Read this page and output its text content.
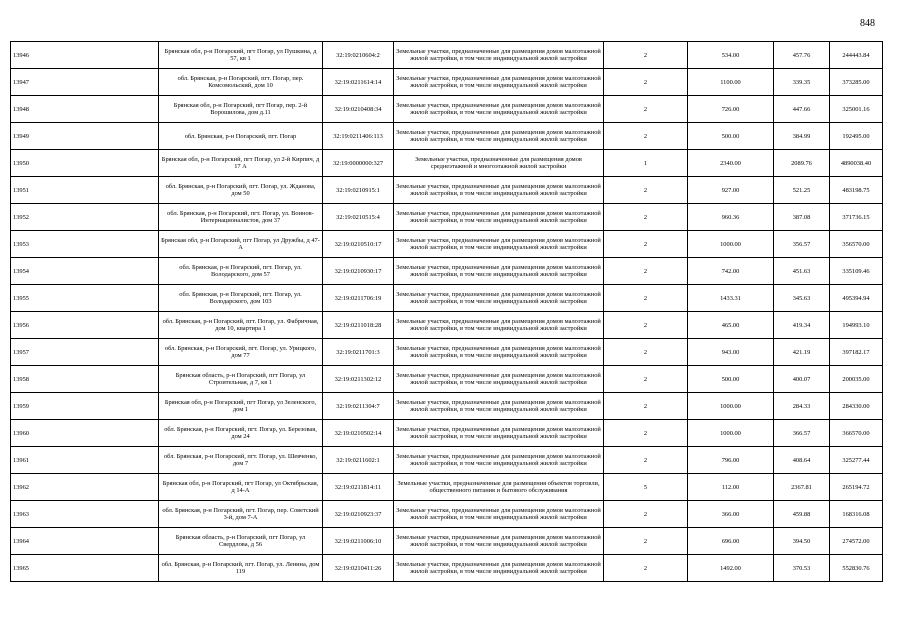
848
13946	Брянская обл, р-н Погарский, пгт Погар, ул Пушкина, д 57, кв 1	32:19:0210604:2	Земельные участки, предназначенные для размещения домов малоэтажной жилой застройки, в том числе индивидуальной жилой застройки	2	534.00	457.76	244443.84
13947	обл. Брянская, р-н Погарский, пгт. Погар, пер. Комсомольский, дом 10	32:19:0211614:14	Земельные участки, предназначенные для размещения домов малоэтажной жилой застройки, в том числе индивидуальной жилой застройки	2	1100.00	339.35	373285.00
13948	Брянская обл, р-н Погарский, пгт Погар, пер. 2-й Ворошилова, дом д.11	32:19:0210408:34	Земельные участки, предназначенные для размещения домов малоэтажной жилой застройки, в том числе индивидуальной жилой застройки	2	726.00	447.66	325001.16
13949	обл. Брянская, р-н Погарский, пгт. Погар	32:19:0211406:113	Земельные участки, предназначенные для размещения домов малоэтажной жилой застройки, в том числе индивидуальной жилой застройки	2	500.00	384.99	192495.00
13950	Брянская обл, р-н Погарский, пгт Погар, ул 2-й Кирпич, д 17 А	32:19:0000000:327	Земельные участки, предназначенные для размещения домов среднеэтажной и многоэтажной жилой застройки	1	2340.00	2089.76	4890038.40
13951	обл. Брянская, р-н Погарский, пгт. Погар, ул. Жданова, дом 50	32:19:0210915:1	Земельные участки, предназначенные для размещения домов малоэтажной жилой застройки, в том числе индивидуальной жилой застройки	2	927.00	521.25	483198.75
13952	обл. Брянская, р-н Погарский, пгт. Погар, ул. Воинов-Интернационалистов, дом 37	32:19:0210515:4	Земельные участки, предназначенные для размещения домов малоэтажной жилой застройки, в том числе индивидуальной жилой застройки	2	960.36	387.08	371736.15
13953	Брянская обл, р-н Погарский, пгт Погар, ул Дружбы, д 47-А	32:19:0210510:17	Земельные участки, предназначенные для размещения домов малоэтажной жилой застройки, в том числе индивидуальной жилой застройки	2	1000.00	356.57	356570.00
13954	обл. Брянская, р-н Погарский, пгт. Погар, ул. Володарского, дом 57	32:19:0210930:17	Земельные участки, предназначенные для размещения домов малоэтажной жилой застройки, в том числе индивидуальной жилой застройки	2	742.00	451.63	335109.46
13955	обл. Брянская, р-н Погарский, пгт. Погар, ул. Володарского, дом 103	32:19:0211706:19	Земельные участки, предназначенные для размещения домов малоэтажной жилой застройки, в том числе индивидуальной жилой застройки	2	1433.31	345.63	495394.94
13956	обл. Брянская, р-н Погарский, пгт. Погар, ул. Фабричная, дом 10, квартира 1	32:19:0211018:28	Земельные участки, предназначенные для размещения домов малоэтажной жилой застройки, в том числе индивидуальной жилой застройки	2	465.00	419.34	194993.10
13957	обл. Брянская, р-н Погарский, пгт. Погар, ул. Урицкого, дом 77	32:19:0211701:3	Земельные участки, предназначенные для размещения домов малоэтажной жилой застройки, в том числе индивидуальной жилой застройки	2	943.00	421.19	397182.17
13958	Брянская область, р-н Погарский, пгт Погар, ул Строительная, д 7, кв 1	32:19:0211302:12	Земельные участки, предназначенные для размещения домов малоэтажной жилой застройки, в том числе индивидуальной жилой застройки	2	500.00	400.07	200035.00
13959	Брянская обл, р-н Погарский, пгт Погар, ул Зеленского, дом 1	32:19:0211304:7	Земельные участки, предназначенные для размещения домов малоэтажной жилой застройки, в том числе индивидуальной жилой застройки	2	1000.00	284.33	284330.00
13960	обл. Брянская, р-н Погарский, пгт. Погар, ул. Березовая, дом 24	32:19:0210502:14	Земельные участки, предназначенные для размещения домов малоэтажной жилой застройки, в том числе индивидуальной жилой застройки	2	1000.00	366.57	366570.00
13961	обл. Брянская, р-н Погарский, пгт. Погар, ул. Шевченко, дом 7	32:19:0211602:1	Земельные участки, предназначенные для размещения домов малоэтажной жилой застройки, в том числе индивидуальной жилой застройки	2	796.00	408.64	325277.44
13962	Брянская обл, р-н Погарский, пгт Погар, ул Октябрьская, д 14-А	32:19:0211814:11	Земельные участки, предназначенные для размещения объектов торговли, общественного питания и бытового обслуживания	5	112.00	2367.81	265194.72
13963	обл. Брянская, р-н Погарский, пгт. Погар, пер. Советский 3-й, дом 7-А	32:19:0210923:37	Земельные участки, предназначенные для размещения домов малоэтажной жилой застройки, в том числе индивидуальной жилой застройки	2	366.00	459.88	168316.08
13964	Брянская область, р-н Погарский, пгт Погар, ул Свердлова, д 56	32:19:0211006:10	Земельные участки, предназначенные для размещения домов малоэтажной жилой застройки, в том числе индивидуальной жилой застройки	2	696.00	394.50	274572.00
13965	обл. Брянская, р-н Погарский, пгт. Погар, ул. Ленина, дом 119	32:19:0210411:26	Земельные участки, предназначенные для размещения домов малоэтажной жилой застройки, в том числе индивидуальной жилой застройки	2	1492.00	370.53	552830.76
